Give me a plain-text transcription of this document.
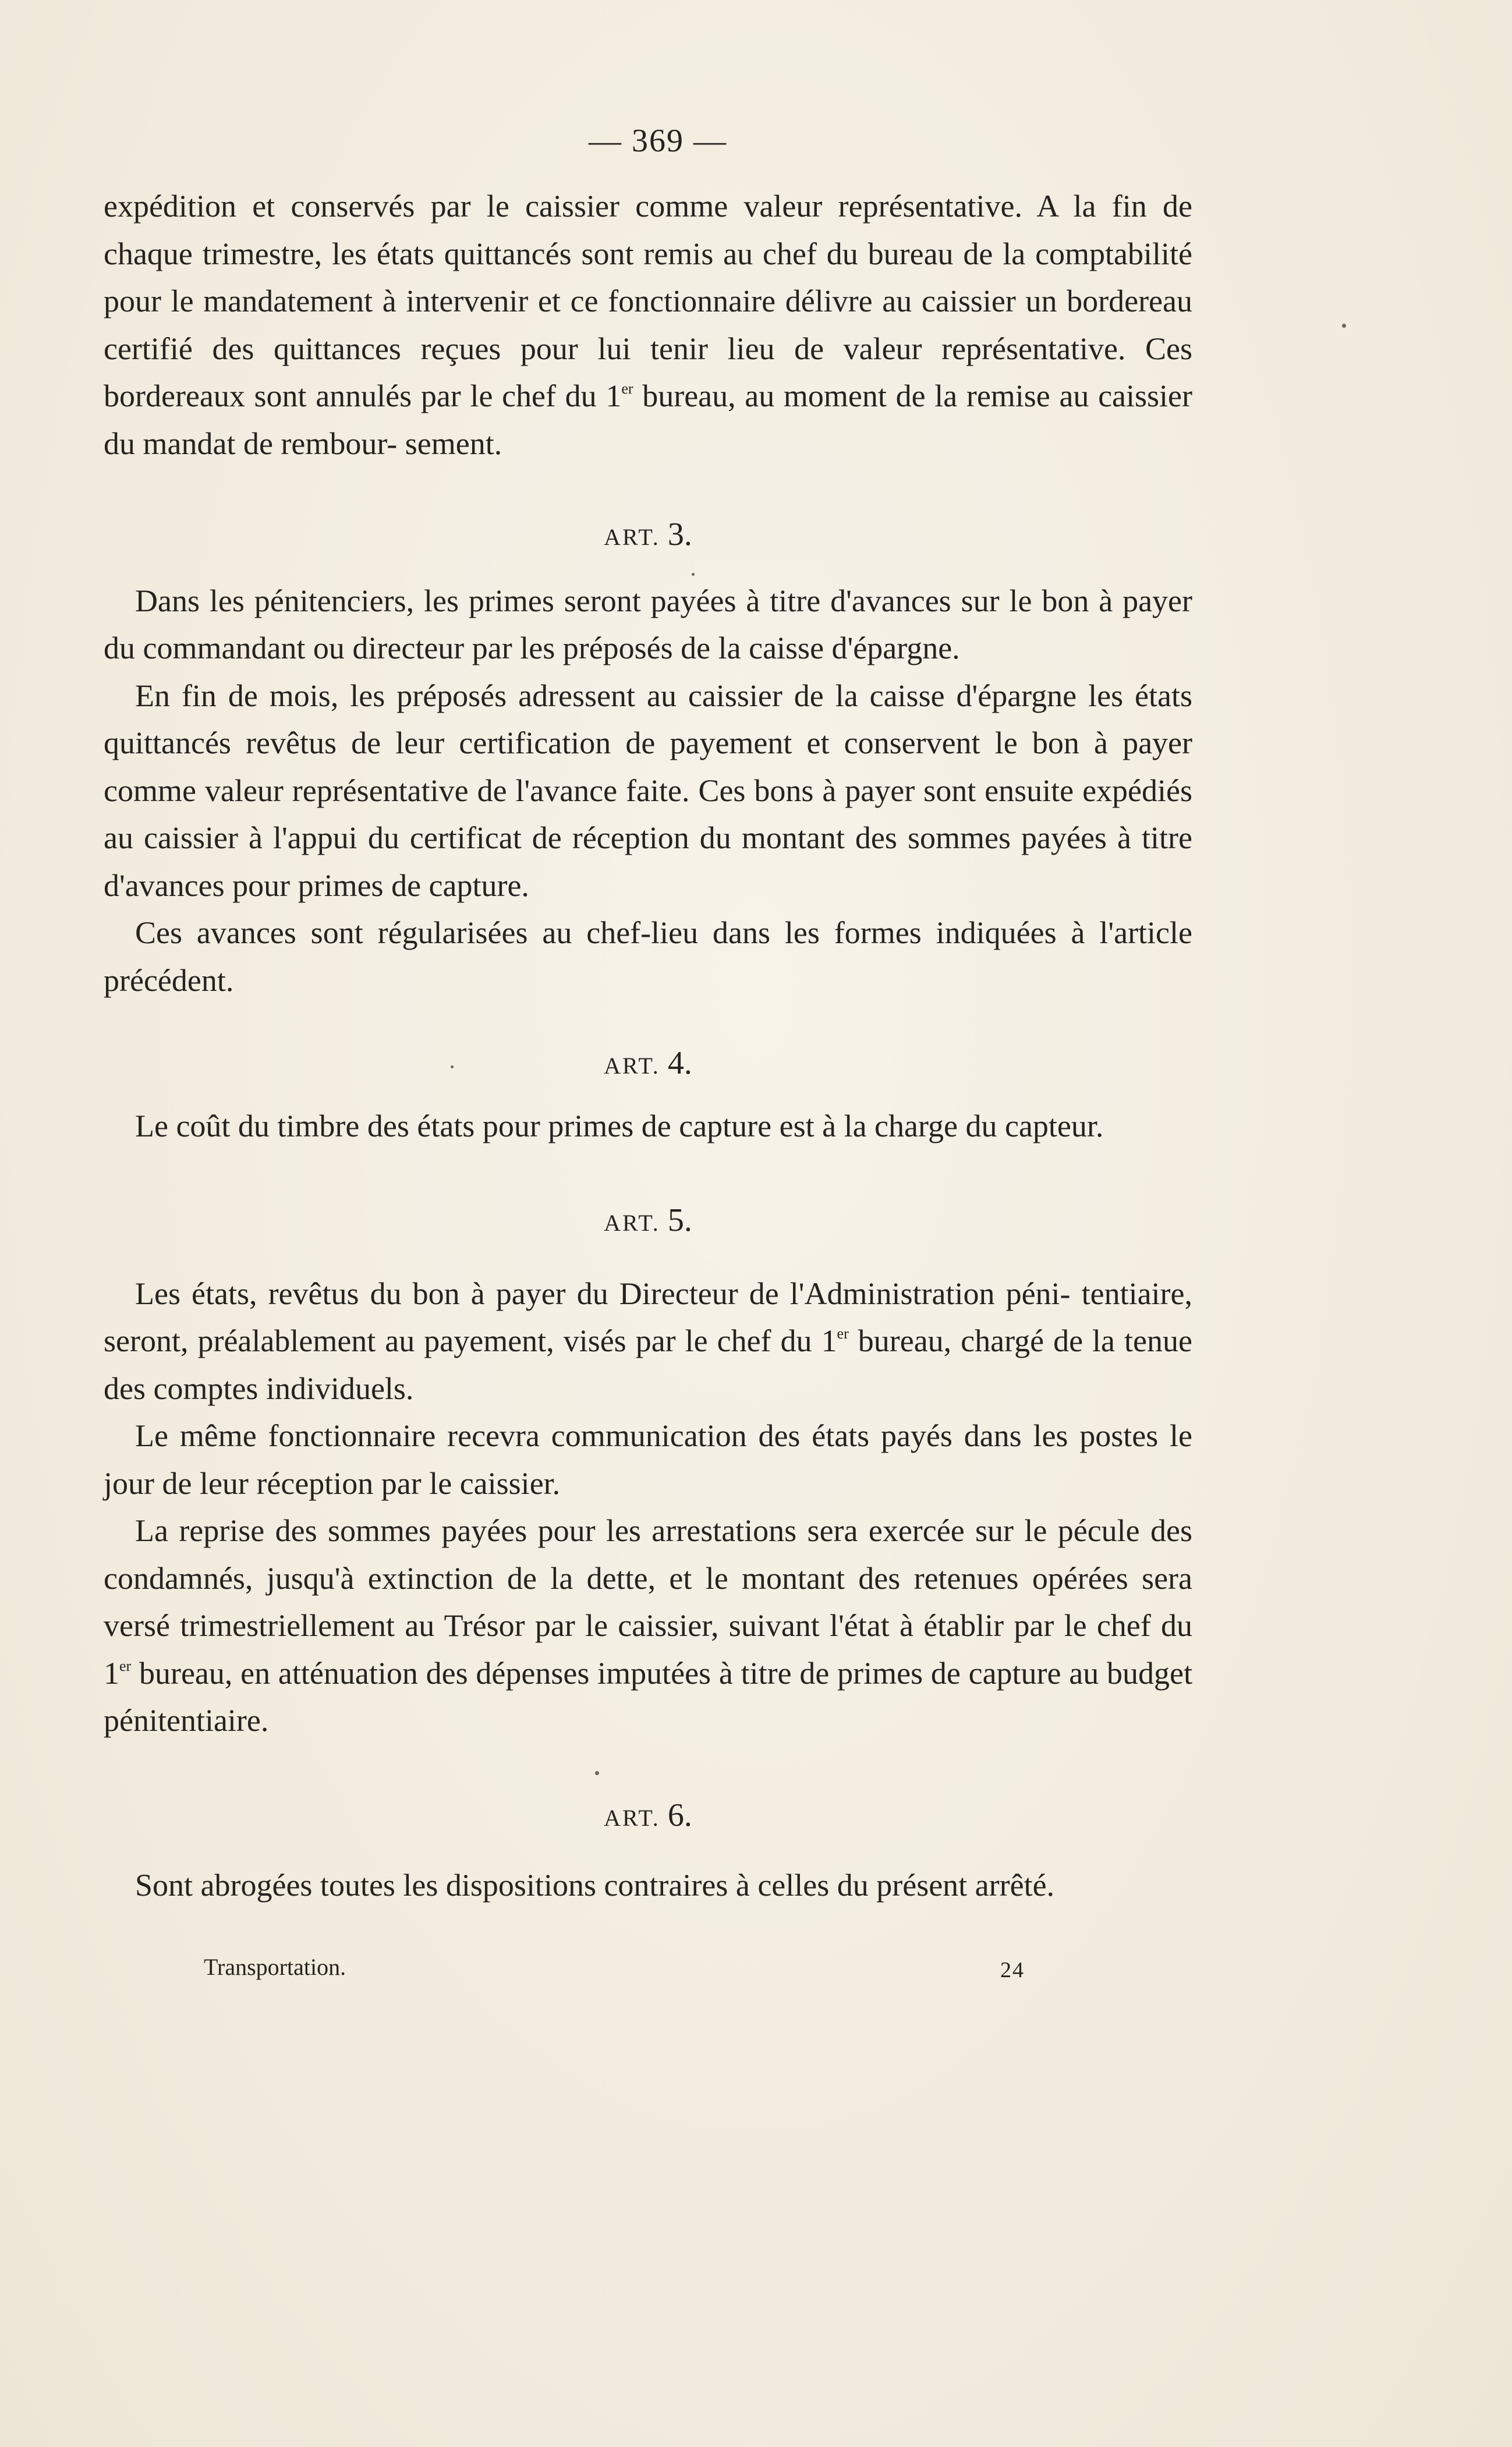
— 369 —

expédition et conservés par le caissier comme valeur représentative. A la fin de chaque trimestre, les états quittancés sont remis au chef du bureau de la comptabilité pour le mandatement à intervenir et ce fonctionnaire délivre au caissier un bordereau certifié des quittances reçues pour lui tenir lieu de valeur représentative. Ces bordereaux sont annulés par le chef du 1er bureau, au moment de la remise au caissier du mandat de rembour- sement.

ART. 3.

Dans les pénitenciers, les primes seront payées à titre d'avances sur le bon à payer du commandant ou directeur par les préposés de la caisse d'épargne.

En fin de mois, les préposés adressent au caissier de la caisse d'épargne les états quittancés revêtus de leur certification de payement et conservent le bon à payer comme valeur représentative de l'avance faite. Ces bons à payer sont ensuite expédiés au caissier à l'appui du certificat de réception du montant des sommes payées à titre d'avances pour primes de capture.

Ces avances sont régularisées au chef-lieu dans les formes indiquées à l'article précédent.

ART. 4.

Le coût du timbre des états pour primes de capture est à la charge du capteur.

ART. 5.

Les états, revêtus du bon à payer du Directeur de l'Administration péni- tentiaire, seront, préalablement au payement, visés par le chef du 1er bureau, chargé de la tenue des comptes individuels.

Le même fonctionnaire recevra communication des états payés dans les postes le jour de leur réception par le caissier.

La reprise des sommes payées pour les arrestations sera exercée sur le pécule des condamnés, jusqu'à extinction de la dette, et le montant des retenues opérées sera versé trimestriellement au Trésor par le caissier, suivant l'état à établir par le chef du 1er bureau, en atténuation des dépenses imputées à titre de primes de capture au budget pénitentiaire.

ART. 6.

Sont abrogées toutes les dispositions contraires à celles du présent arrêté.

Transportation.	24
